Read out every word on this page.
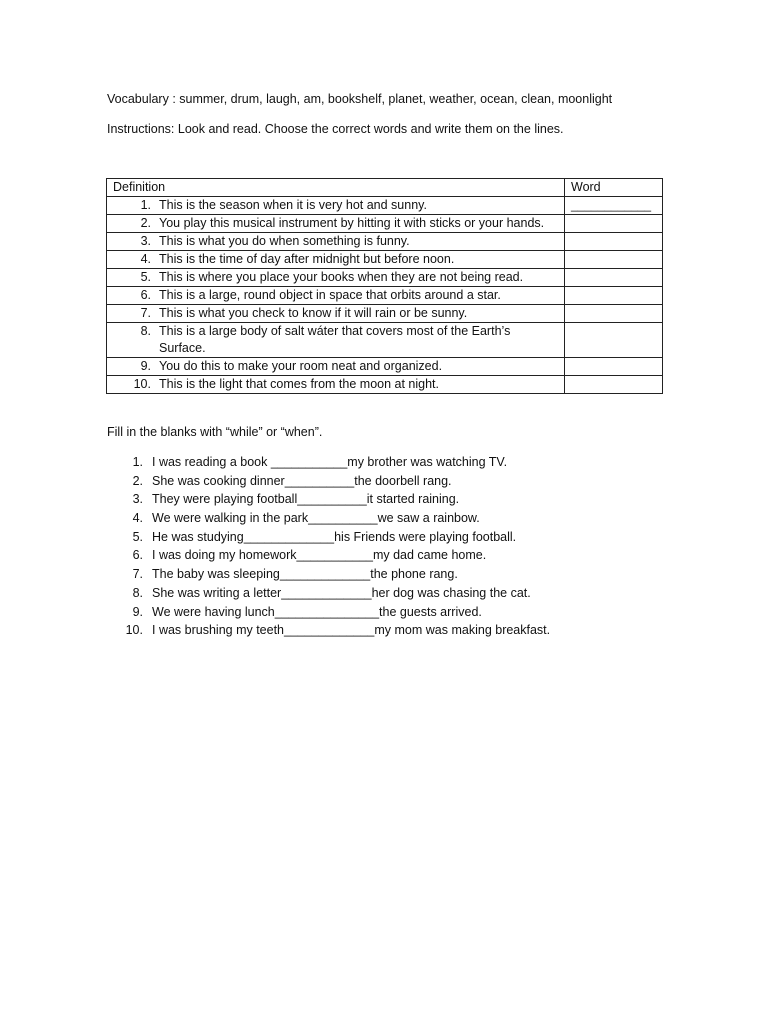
Vocabulary : summer, drum, laugh, am, bookshelf, planet, weather, ocean, clean, moonlight
Instructions: Look and read. Choose the correct words and write them on the lines.
Definition	Word
1. This is the season when it is very hot and sunny.	____________
2. You play this musical instrument by hitting it with sticks or your hands.	
3. This is what you do when something is funny.	
4. This is the time of day after midnight but before noon.	
5. This is where you place your books when they are not being read.	
6. This is a large, round object in space that orbits around a star.	
7. This is what you check to know if it will rain or be sunny.	
8. This is a large body of salt wáter that covers most of the Earth’s Surface.	
9. You do this to make your room neat and organized.	
10. This is the light that comes from the moon at night.	
Fill in the blanks with “while” or “when”.
1. I was reading a book ___________my brother was watching TV.
2. She was cooking dinner__________the doorbell rang.
3. They were playing football__________it started raining.
4. We were walking in the park__________we saw a rainbow.
5. He was studying_____________his Friends were playing football.
6. I was doing my homework___________my dad came home.
7. The baby was sleeping_____________the phone rang.
8. She was writing a letter_____________her dog was chasing the cat.
9. We were having lunch_______________the guests arrived.
10. I was brushing my teeth_____________my mom was making breakfast.
